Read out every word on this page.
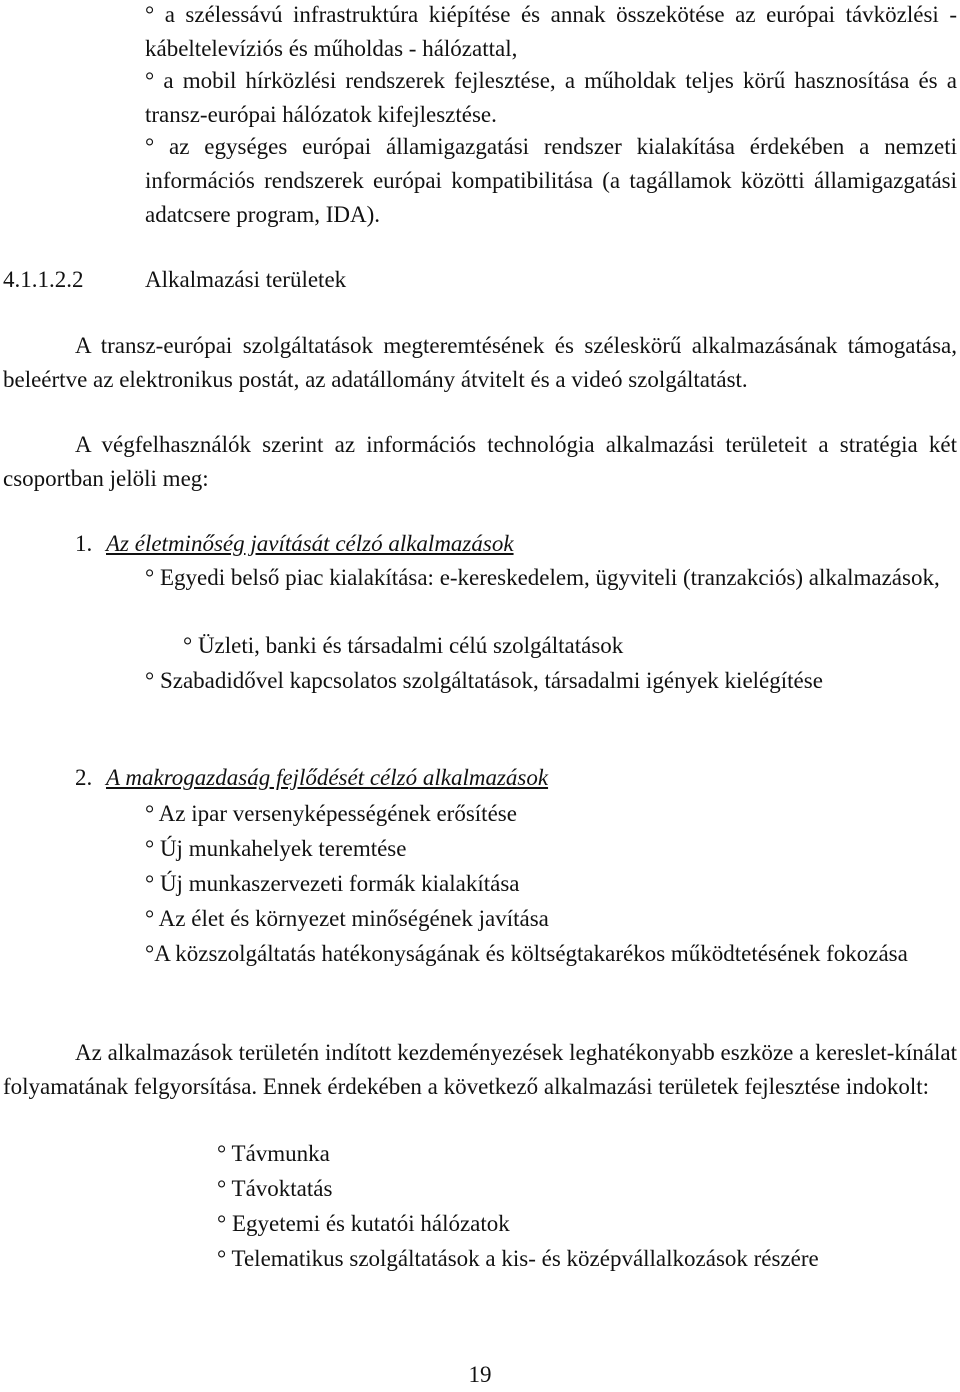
° a szélessávú infrastruktúra kiépítése és annak összekötése az európai távközlési - kábeltelevíziós és műholdas - hálózattal,

° a mobil hírközlési rendszerek fejlesztése, a műholdak teljes körű hasznosítása és a transz-európai hálózatok kifejlesztése.

° az egységes európai államigazgatási rendszer kialakítása érdekében a nemzeti információs rendszerek európai kompatibilitása (a tagállamok közötti államigazgatási adatcsere program, IDA).

4.1.1.2.2	Alkalmazási területek

A transz-európai szolgáltatások megteremtésének és széleskörű alkalmazásának támogatása, beleértve az elektronikus postát, az adatállomány átvitelt és a videó szolgáltatást.

A végfelhasználók szerint az információs technológia alkalmazási területeit a stratégia két csoportban jelöli meg:

1. Az életminőség javítását célzó alkalmazások

° Egyedi belső piac kialakítása: e-kereskedelem, ügyviteli (tranzakciós) alkalmazások,

° Üzleti, banki és társadalmi célú szolgáltatások

° Szabadidővel kapcsolatos szolgáltatások, társadalmi igények kielégítése

2. A makrogazdaság fejlődését célzó alkalmazások

° Az ipar versenyképességének erősítése

° Új munkahelyek teremtése

° Új munkaszervezeti formák kialakítása

° Az élet és környezet minőségének javítása

°A közszolgáltatás hatékonyságának és költségtakarékos működtetésének fokozása

Az alkalmazások területén indított kezdeményezések leghatékonyabb eszköze a kereslet-kínálat folyamatának felgyorsítása. Ennek érdekében a következő alkalmazási területek fejlesztése indokolt:

° Távmunka

° Távoktatás

° Egyetemi és kutatói hálózatok

° Telematikus szolgáltatások a kis- és középvállalkozások részére

19
